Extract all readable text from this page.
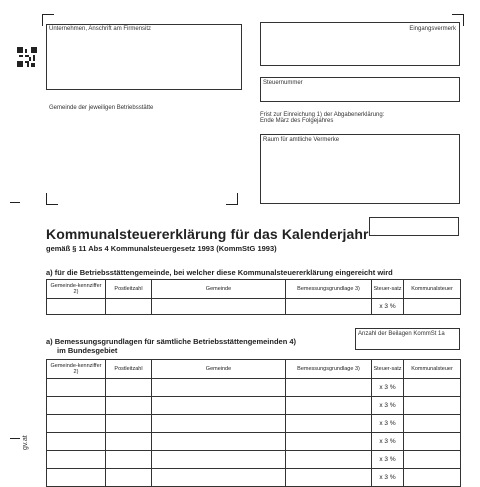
Unternehmen, Anschrift am Firmensitz	Eingangsvermerk
Steuernummer
Gemeinde der jeweiligen Betriebsstätte
Frist zur Einreichung 1) der Abgabenerklärung:
Ende März des Folgejahres
Raum für amtliche Vermerke
Kommunalsteuererklärung für das Kalenderjahr
gemäß § 11 Abs 4 Kommunalsteuergesetz 1993 (KommStG 1993)
a) für die Betriebsstättengemeinde, bei welcher diese Kommunalsteuererklärung eingereicht wird
Gemeinde-kennziffer 2)	Postleitzahl	Gemeinde	Bemessungsgrundlage 3)	Steuer-satz	Kommunalsteuer
				x 3 %	
a) Bemessungsgrundlagen für sämtliche Betriebsstättengemeinden 4)
im Bundesgebiet
Anzahl der Beilagen KommSt 1a
Gemeinde-kennziffer 2)	Postleitzahl	Gemeinde	Bemessungsgrundlage 3)	Steuer-satz	Kommunalsteuer
				x 3 %	
				x 3 %	
				x 3 %	
				x 3 %	
				x 3 %	
				x 3 %	
gv.at
